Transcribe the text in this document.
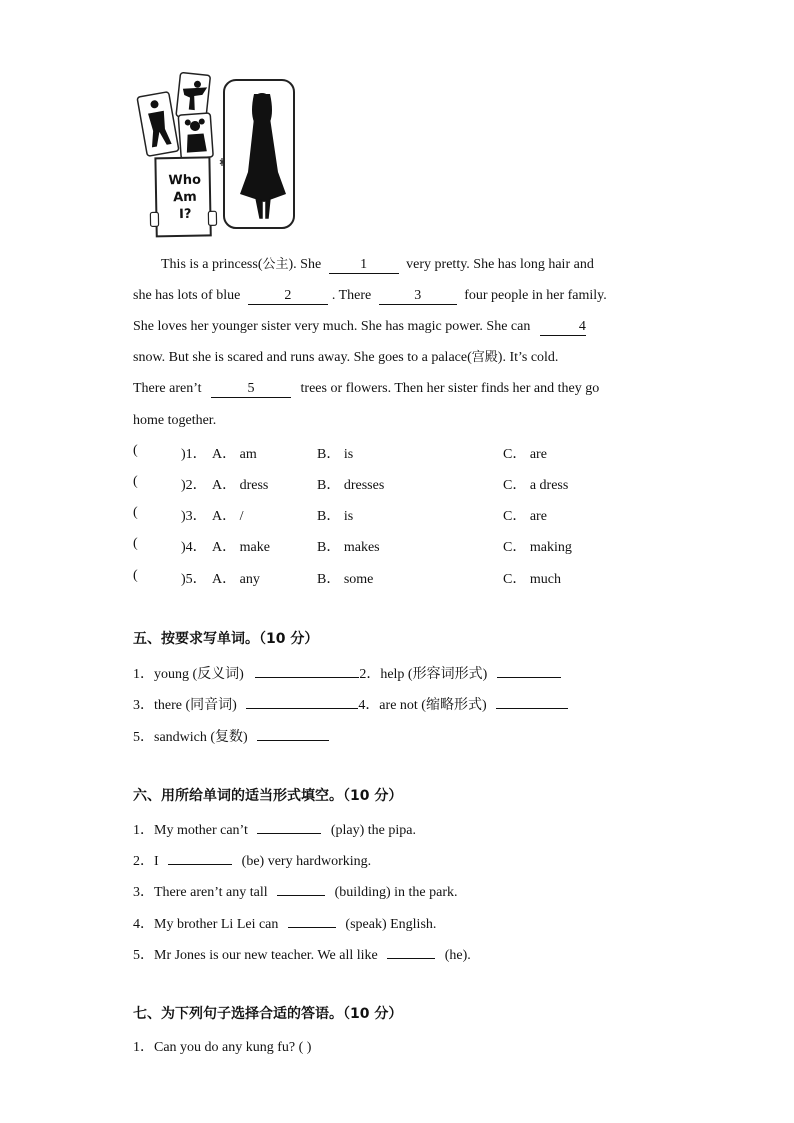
Who
Am
I?
This is a princess(公主). She	1	very pretty. She has long hair and
she has lots of blue	2	. There	3	four people in her family.
She loves her younger sister very much. She has magic power. She can	4
snow. But she is scared and runs away. She goes to a palace(宫殿). It’s cold.
There aren’t	5	trees or flowers. Then her sister finds her and they go
home together.
(	)1． A． am	B． is	C． are
(	)2． A． dress	B． dresses	C． a dress
(	)3． A． /	B． is	C． are
(	)4． A． make	B． makes	C． making
(	)5． A． any	B． some	C． much
五、按要求写单词。（10 分）
1．young (反义词)	2．help (形容词形式)
3．there (同音词)	4．are not (缩略形式)
5．sandwich (复数)
六、用所给单词的适当形式填空。（10 分）
1．My mother can’t	(play) the pipa.
2．I	(be) very hardworking.
3．There aren’t any tall	(building) in the park.
4．My brother Li Lei can	(speak) English.
5．Mr Jones is our new teacher. We all like	(he).
七、为下列句子选择合适的答语。（10 分）
1．Can you do any kung fu? ( )
